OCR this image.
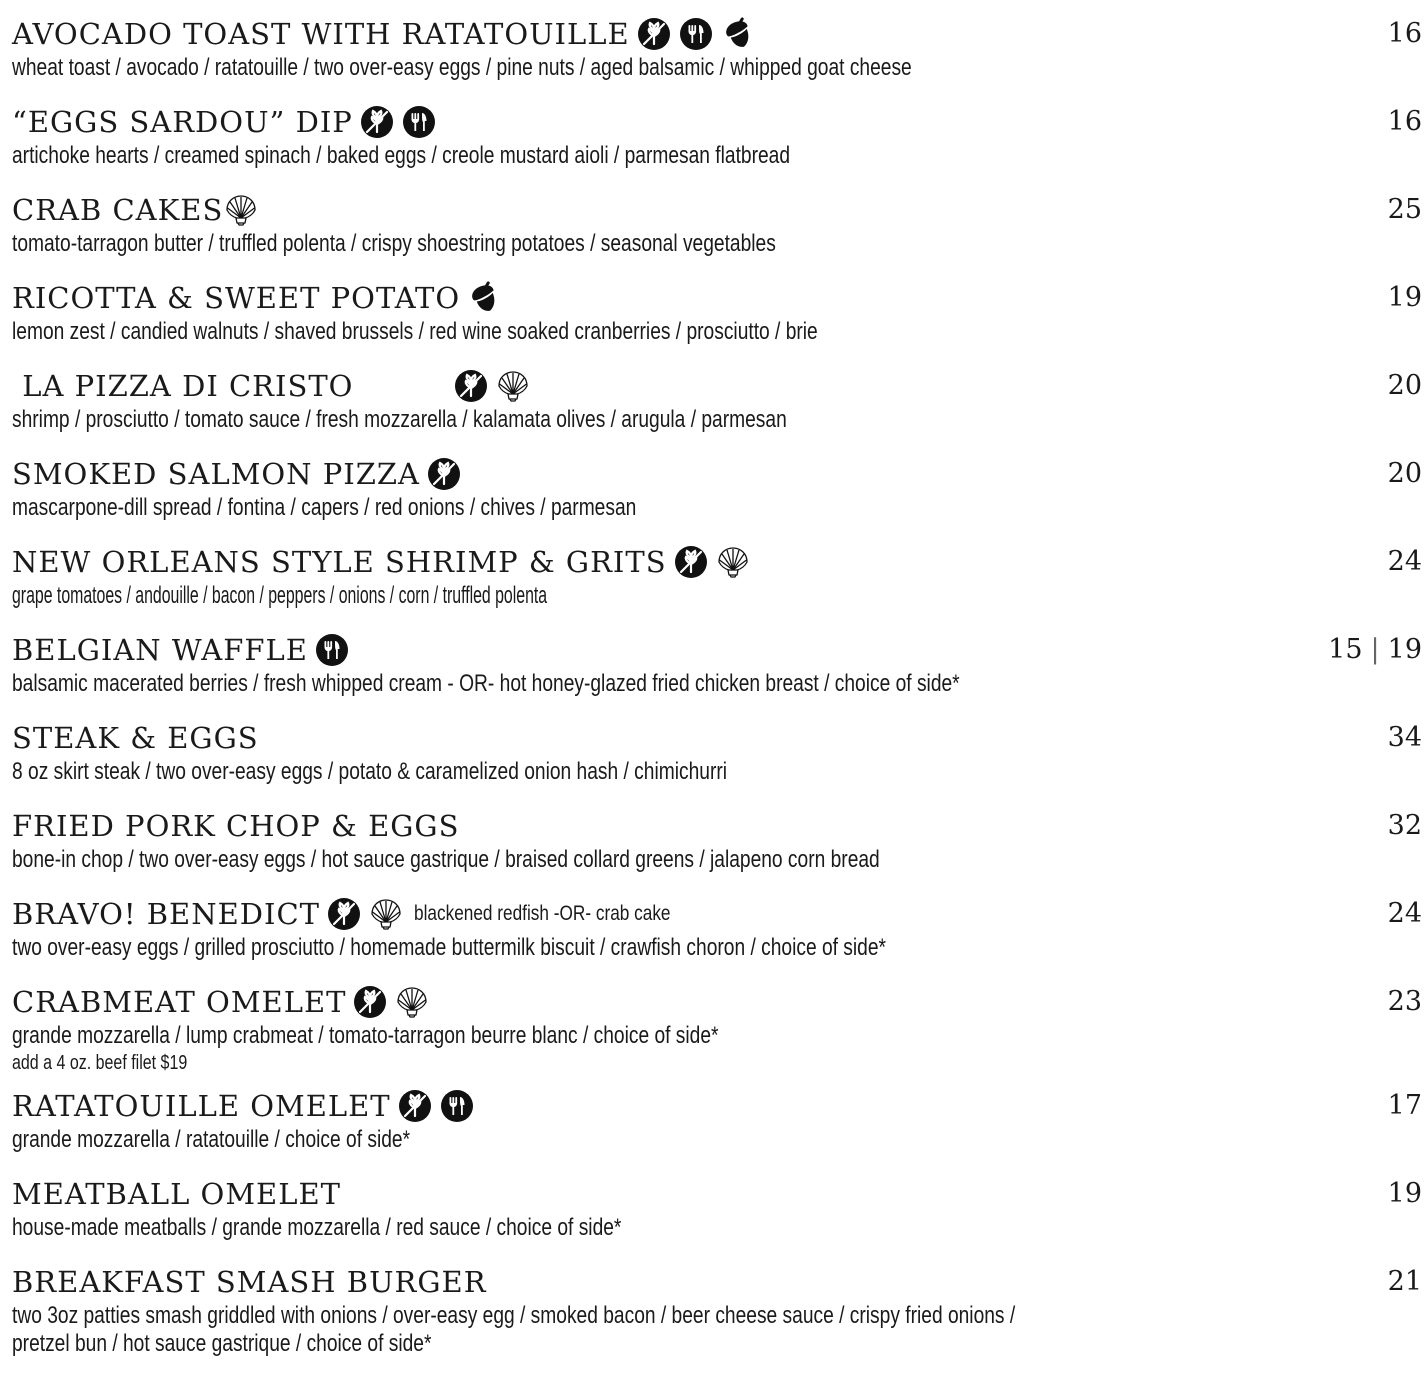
AVOCADO TOAST WITH RATATOUILLE	16
wheat toast / avocado / ratatouille / two over-easy eggs / pine nuts / aged balsamic / whipped goat cheese
“EGGS SARDOU” DIP	16
artichoke hearts / creamed spinach / baked eggs / creole mustard aioli / parmesan flatbread
CRAB CAKES	25
tomato-tarragon butter / truffled polenta / crispy shoestring potatoes / seasonal vegetables
RICOTTA & SWEET POTATO	19
lemon zest / candied walnuts / shaved brussels / red wine soaked cranberries / prosciutto / brie
LA PIZZA DI CRISTO	20
shrimp / prosciutto / tomato sauce / fresh mozzarella / kalamata olives / arugula / parmesan
SMOKED SALMON PIZZA	20
mascarpone-dill spread / fontina / capers / red onions / chives / parmesan
NEW ORLEANS STYLE SHRIMP & GRITS	24
grape tomatoes / andouille / bacon / peppers / onions / corn / truffled polenta
BELGIAN WAFFLE	15 | 19
balsamic macerated berries / fresh whipped cream - OR- hot honey-glazed fried chicken breast / choice of side*
STEAK & EGGS	34
8 oz skirt steak / two over-easy eggs / potato & caramelized onion hash / chimichurri
FRIED PORK CHOP & EGGS	32
bone-in chop / two over-easy eggs / hot sauce gastrique / braised collard greens / jalapeno corn bread
BRAVO! BENEDICT	blackened redfish -OR- crab cake	24
two over-easy eggs / grilled prosciutto / homemade buttermilk biscuit / crawfish choron / choice of side*
CRABMEAT OMELET	23
grande mozzarella / lump crabmeat / tomato-tarragon beurre blanc / choice of side*
add a 4 oz. beef filet $19
RATATOUILLE OMELET	17
grande mozzarella / ratatouille / choice of side*
MEATBALL OMELET	19
house-made meatballs / grande mozzarella / red sauce / choice of side*
BREAKFAST SMASH BURGER	21
two 3oz patties smash griddled with onions / over-easy egg / smoked bacon / beer cheese sauce / crispy fried onions /
pretzel bun / hot sauce gastrique / choice of side*
